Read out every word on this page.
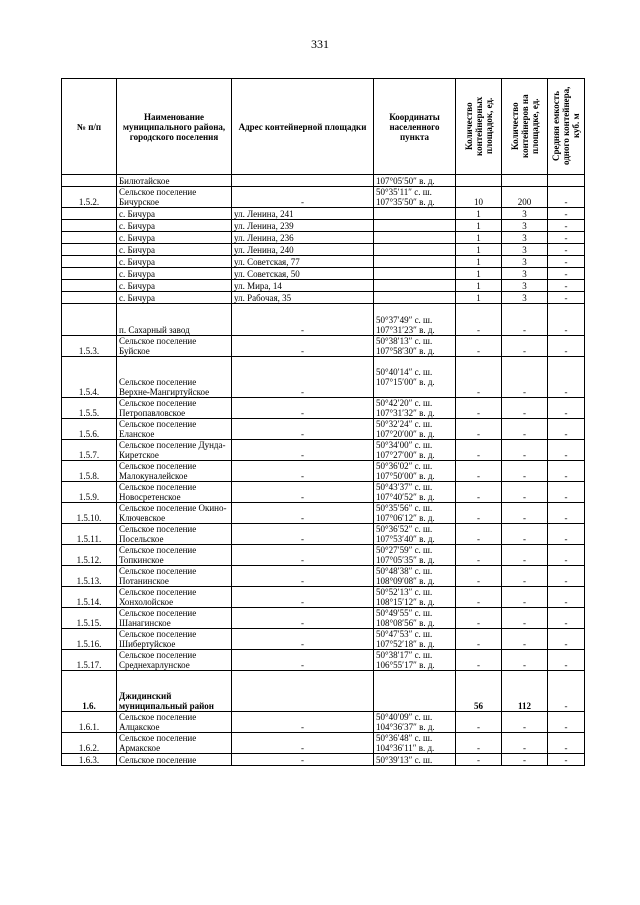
331
№ п/п	Наименование муниципального района, городского поселения	Адрес контейнерной площадки	Координаты населенного пункта	Количество контейнерных площадок, ед.	Количество контейнеров на площадке, ед.	Средняя емкость одного контейнера, куб. м
	Билютайское		107°05′50″ в. д.			
1.5.2.	Сельское поселение Бичурское	-	50°35′11″ с. ш. 107°35′50″ в. д.	10	200	-
	с. Бичура	ул. Ленина, 241		1	3	-
	с. Бичура	ул. Ленина, 239		1	3	-
	с. Бичура	ул. Ленина, 236		1	3	-
	с. Бичура	ул. Ленина, 240		1	3	-
	с. Бичура	ул. Советская, 77		1	3	-
	с. Бичура	ул. Советская, 50		1	3	-
	с. Бичура	ул. Мира, 14		1	3	-
	с. Бичура	ул. Рабочая, 35		1	3	-
	п. Сахарный завод	-	50°37′49″ с. ш. 107°31′23″ в. д.	-	-	-
1.5.3.	Сельское поселение Буйское	-	50°38′13″ с. ш. 107°58′30″ в. д.	-	-	-
1.5.4.	Сельское поселение Верхне-Мангиртуйское	-	50°40′14″ с. ш. 107°15′00″ в. д.	-	-	-
1.5.5.	Сельское поселение Петропавловское	-	50°42′20″ с. ш. 107°31′32″ в. д.	-	-	-
1.5.6.	Сельское поселение Еланское	-	50°32′24″ с. ш. 107°20′00″ в. д.	-	-	-
1.5.7.	Сельское поселение Дунда-Киретское	-	50°34′00″ с. ш. 107°27′00″ в. д.	-	-	-
1.5.8.	Сельское поселение Малокуналейское	-	50°36′02″ с. ш. 107°50′00″ в. д.	-	-	-
1.5.9.	Сельское поселение Новосретенское	-	50°43′37″ с. ш. 107°40′52″ в. д.	-	-	-
1.5.10.	Сельское поселение Окино-Ключевское	-	50°35′56″ с. ш. 107°06′12″ в. д.	-	-	-
1.5.11.	Сельское поселение Посельское	-	50°36′52″ с. ш. 107°53′40″ в. д.	-	-	-
1.5.12.	Сельское поселение Топкинское	-	50°27′59″ с. ш. 107°05′35″ в. д.	-	-	-
1.5.13.	Сельское поселение Потанинское	-	50°48′38″ с. ш. 108°09′08″ в. д.	-	-	-
1.5.14.	Сельское поселение Хонхолойское	-	50°52′13″ с. ш. 108°15′12″ в. д.	-	-	-
1.5.15.	Сельское поселение Шанагинское	-	50°49′55″ с. ш. 108°08′56″ в. д.	-	-	-
1.5.16.	Сельское поселение Шибертуйское	-	50°47′53″ с. ш. 107°52′18″ в. д.	-	-	-
1.5.17.	Сельское поселение Среднехарлунское	-	50°38′17″ с. ш. 106°55′17″ в. д.	-	-	-
1.6.	Джидинский муниципальный район			56	112	-
1.6.1.	Сельское поселение Алцакское	-	50°40′09″ с. ш. 104°36′37″ в. д.	-	-	-
1.6.2.	Сельское поселение Армакское	-	50°36′48″ с. ш. 104°36′11″ в. д.	-	-	-
1.6.3.	Сельское поселение	-	50°39′13″ с. ш.	-	-	-
